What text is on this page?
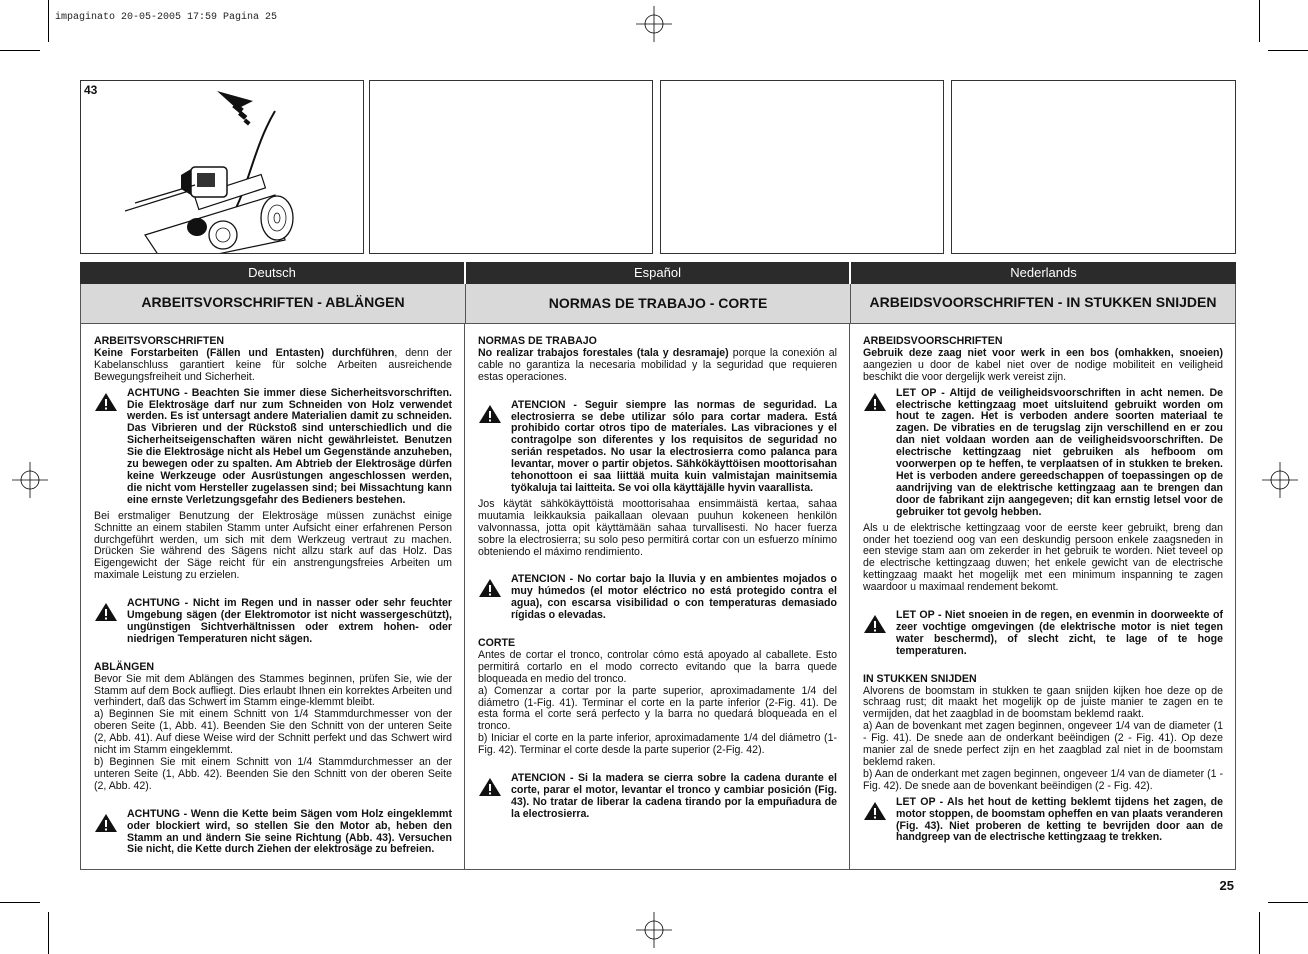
impaginato 20-05-2005 17:59 Pagina 25
43
Deutsch	Español	Nederlands
ARBEITSVORSCHRIFTEN - ABLÄNGEN	NORMAS DE TRABAJO - CORTE	ARBEIDSVOORSCHRIFTEN - IN STUKKEN SNIJDEN

ARBEITSVORSCHRIFTEN

Keine Forstarbeiten (Fällen und Entasten) durchführen, denn der Kabelanschluss garantiert keine für solche Arbeiten ausreichende Bewegungsfreiheit und Sicherheit.

ACHTUNG - Beachten Sie immer diese Sicherheitsvorschriften. Die Elektrosäge darf nur zum Schneiden von Holz verwendet werden. Es ist untersagt andere Materialien damit zu schneiden. Das Vibrieren und der Rückstoß sind unterschiedlich und die Sicherheitseigenschaften wären nicht gewährleistet. Benutzen Sie die Elektrosäge nicht als Hebel um Gegenstände anzuheben, zu bewegen oder zu spalten. Am Abtrieb der Elektrosäge dürfen keine Werkzeuge oder Ausrüstungen angeschlossen werden, die nicht vom Hersteller zugelassen sind; bei Missachtung kann eine ernste Verletzungsgefahr des Bedieners bestehen.

Bei erstmaliger Benutzung der Elektrosäge müssen zunächst einige Schnitte an einem stabilen Stamm unter Aufsicht einer erfahrenen Person durchgeführt werden, um sich mit dem Werkzeug vertraut zu machen. Drücken Sie während des Sägens nicht allzu stark auf das Holz. Das Eigengewicht der Säge reicht für ein anstrengungsfreies Arbeiten um maximale Leistung zu erzielen.

ACHTUNG - Nicht im Regen und in nasser oder sehr feuchter Umgebung sägen (der Elektromotor ist nicht wassergeschützt), ungünstigen Sichtverhältnissen oder extrem hohen- oder niedrigen Temperaturen nicht sägen.

ABLÄNGEN

Bevor Sie mit dem Ablängen des Stammes beginnen, prüfen Sie, wie der Stamm auf dem Bock aufliegt. Dies erlaubt Ihnen ein korrektes Arbeiten und verhindert, daß das Schwert im Stamm einge-klemmt bleibt.

a) Beginnen Sie mit einem Schnitt von 1/4 Stammdurchmesser von der oberen Seite (1, Abb. 41). Beenden Sie den Schnitt von der unteren Seite (2, Abb. 41). Auf diese Weise wird der Schnitt perfekt und das Schwert wird nicht im Stamm eingeklemmt.

b) Beginnen Sie mit einem Schnitt von 1/4 Stammdurchmesser an der unteren Seite (1, Abb. 42). Beenden Sie den Schnitt von der oberen Seite (2, Abb. 42).

ACHTUNG - Wenn die Kette beim Sägen vom Holz eingeklemmt oder blockiert wird, so stellen Sie den Motor ab, heben den Stamm an und ändern Sie seine Richtung (Abb. 43). Versuchen Sie nicht, die Kette durch Ziehen der elektrosäge zu befreien.

NORMAS DE TRABAJO

No realizar trabajos forestales (tala y desramaje) porque la conexión al cable no garantiza la necesaria mobilidad y la seguridad que requieren estas operaciones.

ATENCION - Seguir siempre las normas de seguridad. La electrosierra se debe utilizar sólo para cortar madera. Está prohibido cortar otros tipo de materiales. Las vibraciones y el contragolpe son diferentes y los requisitos de seguridad no serián respetados. No usar la electrosierra como palanca para levantar, mover o partir objetos. Sähkökäyttöisen moottorisahan tehonottoon ei saa liittää muita kuin valmistajan mainitsemia työkaluja tai laitteita. Se voi olla käyttäjälle hyvin vaarallista.

Jos käytät sähkökäyttöistä moottorisahaa ensimmäistä kertaa, sahaa muutamia leikkauksia paikallaan olevaan puuhun kokeneen henkilön valvonnassa, jotta opit käyttämään sahaa turvallisesti. No hacer fuerza sobre la electrosierra; su solo peso permitirá cortar con un esfuerzo mínimo obteniendo el máximo rendimiento.

ATENCION - No cortar bajo la lluvia y en ambientes mojados o muy húmedos (el motor eléctrico no está protegido contra el agua), con escarsa visibilidad o con temperaturas demasiado rígidas o elevadas.

CORTE

Antes de cortar el tronco, controlar cómo está apoyado al caballete. Esto permitirá cortarlo en el modo correcto evitando que la barra quede bloqueada en medio del tronco.

a) Comenzar a cortar por la parte superior, aproximadamente 1/4 del diámetro (1-Fig. 41). Terminar el corte en la parte inferior (2-Fig. 41). De esta forma el corte será perfecto y la barra no quedará bloqueada en el tronco.

b) Iniciar el corte en la parte inferior, aproximadamente 1/4 del diámetro (1-Fig. 42). Terminar el corte desde la parte superior (2-Fig. 42).

ATENCION - Si la madera se cierra sobre la cadena durante el corte, parar el motor, levantar el tronco y cambiar posición (Fig. 43). No tratar de liberar la cadena tirando por la empuñadura de la electrosierra.

ARBEIDSVOORSCHRIFTEN

Gebruik deze zaag niet voor werk in een bos (omhakken, snoeien) aangezien u door de kabel niet over de nodige mobiliteit en veiligheid beschikt die voor dergelijk werk vereist zijn.

LET OP - Altijd de veiligheidsvoorschriften in acht nemen. De electrische kettingzaag moet uitsluitend gebruikt worden om hout te zagen. Het is verboden andere soorten materiaal te zagen. De vibraties en de terugslag zijn verschillend en er zou dan niet voldaan worden aan de veiligheidsvoorschriften. De electrische kettingzaag niet gebruiken als hefboom om voorwerpen op te heffen, te verplaatsen of in stukken te breken. Het is verboden andere gereedschappen of toepassingen op de aandrijving van de elektrische kettingzaag aan te brengen dan door de fabrikant zijn aangegeven; dit kan ernstig letsel voor de gebruiker tot gevolg hebben.

Als u de elektrische kettingzaag voor de eerste keer gebruikt, breng dan onder het toeziend oog van een deskundig persoon enkele zaagsneden in een stevige stam aan om zekerder in het gebruik te worden. Niet teveel op de electrische kettingzaag duwen; het enkele gewicht van de electrische kettingzaag maakt het mogelijk met een minimum inspanning te zagen waardoor u maximaal rendement bekomt.

LET OP - Niet snoeien in de regen, en evenmin in doorweekte of zeer vochtige omgevingen (de elektrische motor is niet tegen water beschermd), of slecht zicht, te lage of te hoge temperaturen.

IN STUKKEN SNIJDEN

Alvorens de boomstam in stukken te gaan snijden kijken hoe deze op de schraag rust; dit maakt het mogelijk op de juiste manier te zagen en te vermijden, dat het zaagblad in de boomstam beklemd raakt.

a) Aan de bovenkant met zagen beginnen, ongeveer 1/4 van de diameter (1 - Fig. 41). De snede aan de onderkant beëindigen (2 - Fig. 41). Op deze manier zal de snede perfect zijn en het zaagblad zal niet in de boomstam beklemd raken.

b) Aan de onderkant met zagen beginnen, ongeveer 1/4 van de diameter (1 - Fig. 42). De snede aan de bovenkant beëindigen (2 - Fig. 42).

LET OP - Als het hout de ketting beklemt tijdens het zagen, de motor stoppen, de boomstam opheffen en van plaats veranderen (Fig. 43). Niet proberen de ketting te bevrijden door aan de handgreep van de electrische kettingzaag te trekken.
25
